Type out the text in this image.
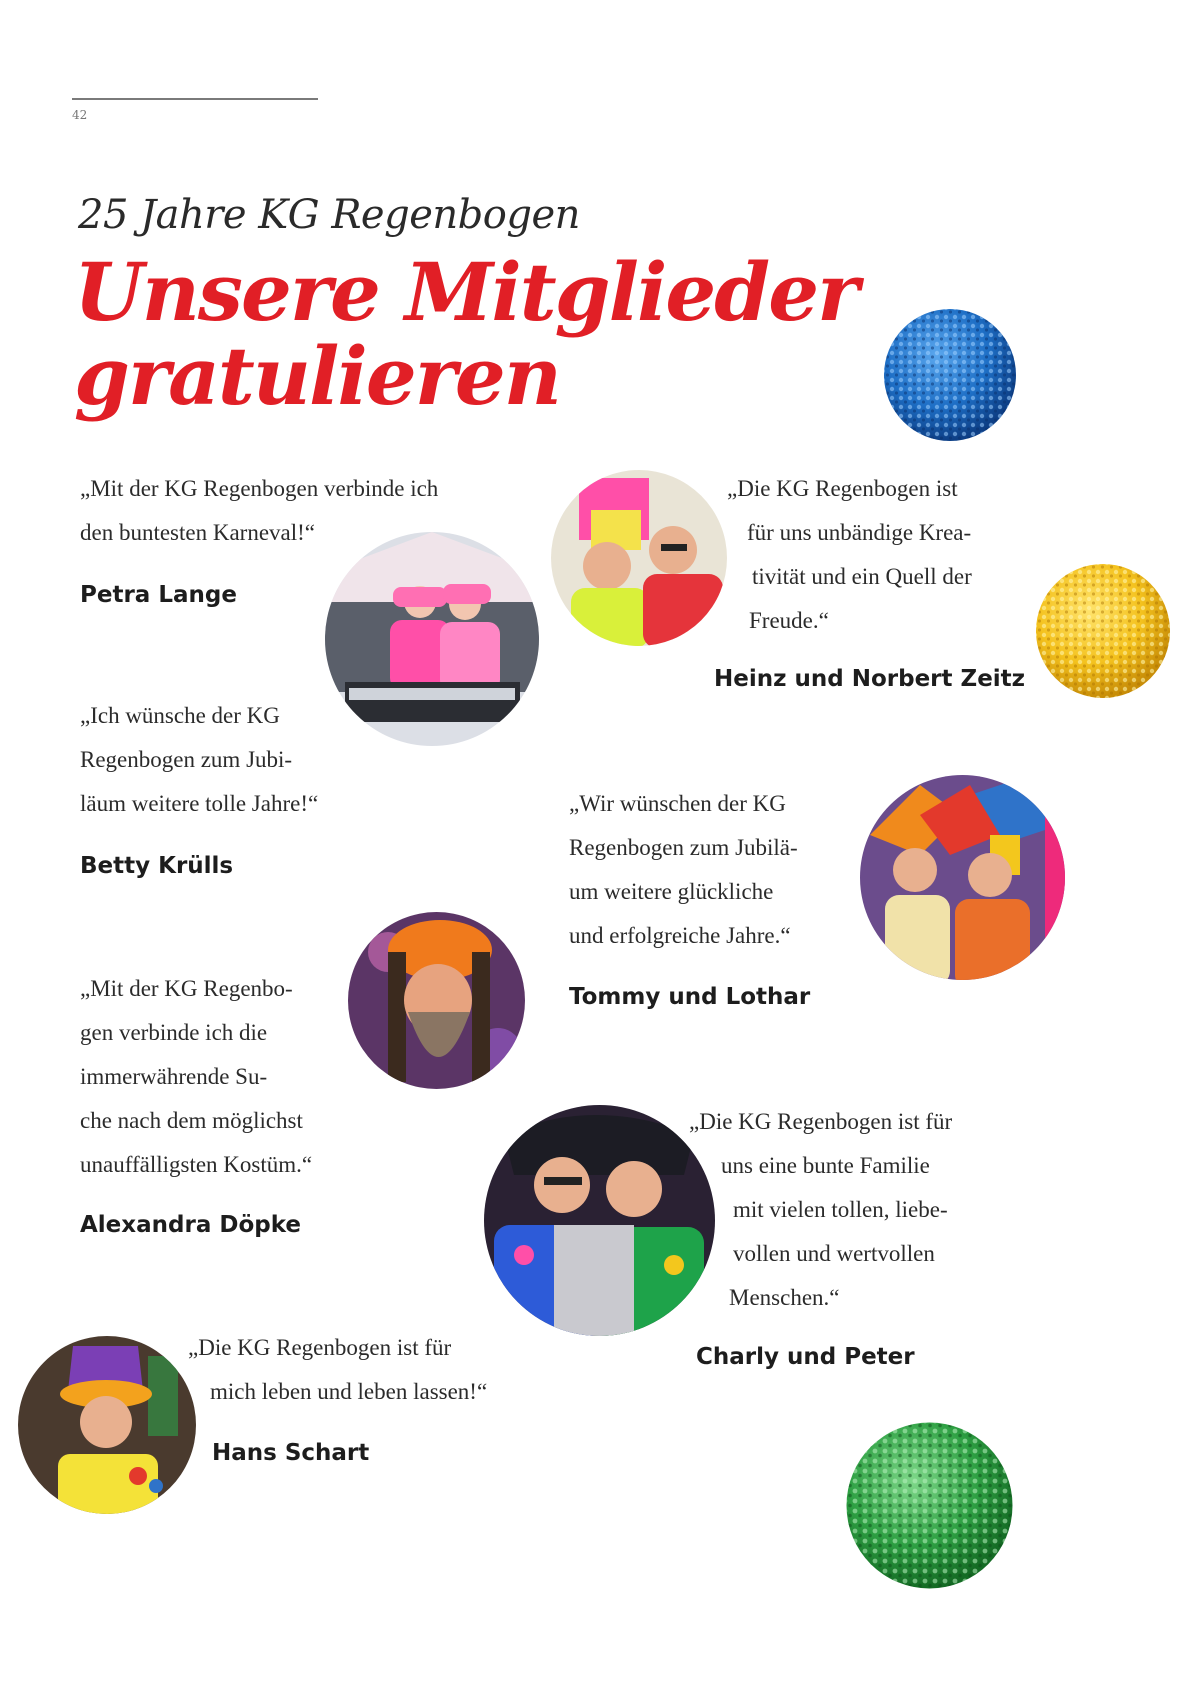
42
25 Jahre KG Regenbogen
Unsere Mitglieder
gratulieren

„Mit der KG Regenbogen verbinde ich
den buntesten Karneval!“

Petra Lange

„Die KG Regenbogen ist
für uns unbändige Krea-
tivität und ein Quell der
Freude.“

Heinz und Norbert Zeitz

„Ich wünsche der KG
Regenbogen zum Jubi-
läum weitere tolle Jahre!“

Betty Krülls

„Wir wünschen der KG
Regenbogen zum Jubilä-
um weitere glückliche
und erfolgreiche Jahre.“

Tommy und Lothar

„Mit der KG Regenbo-
gen verbinde ich die
immerwährende Su-
che nach dem möglichst
unauffälligsten Kostüm.“

Alexandra Döpke

„Die KG Regenbogen ist für
uns eine bunte Familie
mit vielen tollen, liebe-
vollen und wertvollen
Menschen.“

Charly und Peter

„Die KG Regenbogen ist für
mich leben und leben lassen!“

Hans Schart
